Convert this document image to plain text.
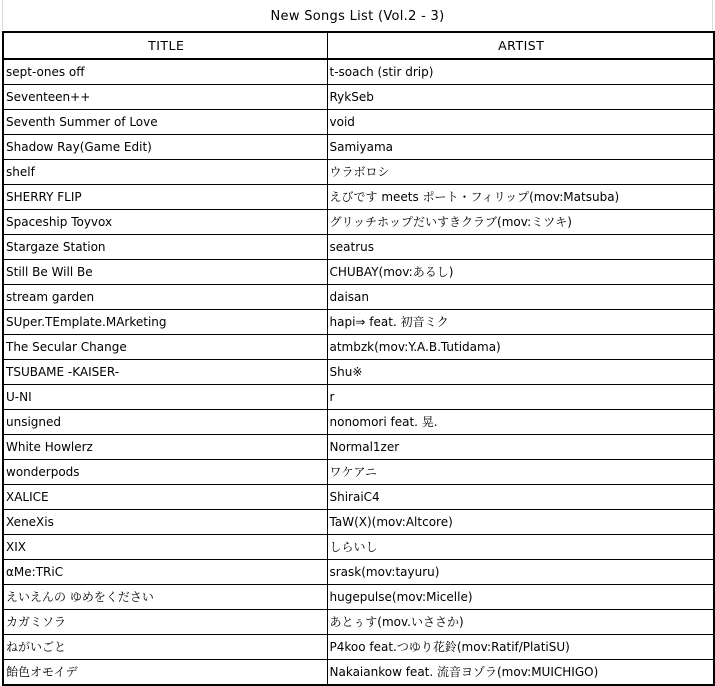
New Songs List (Vol.2 - 3)
TITLE	ARTIST
sept-ones off	t-soach (stir drip)
Seventeen++	RykSeb
Seventh Summer of Love	void
Shadow Ray(Game Edit)	Samiyama
shelf	ウラボロシ
SHERRY FLIP	えびです meets ポート・フィリップ(mov:Matsuba)
Spaceship Toyvox	グリッチホップだいすきクラブ(mov:ミツキ)
Stargaze Station	seatrus
Still Be Will Be	CHUBAY(mov:あるし)
stream garden	daisan
SUper.TEmplate.MArketing	hapi⇒ feat. 初音ミク
The Secular Change	atmbzk(mov:Y.A.B.Tutidama)
TSUBAME -KAISER-	Shu※
U-NI	r
unsigned	nonomori feat. 晃.
White Howlerz	Normal1zer
wonderpods	ワケアニ
XALICE	ShiraiC4
XeneXis	TaW(X)(mov:Altcore)
XIX	しらいし
αMe:TRiC	srask(mov:tayuru)
えいえんの ゆめをください	hugepulse(mov:Micelle)
カガミソラ	あとぅす(mov.いささか)
ねがいごと	P4koo feat.つゆり花鈴(mov:Ratif/PlatiSU)
飴色オモイデ	Nakaiankow feat. 流音ヨゾラ(mov:MUICHIGO)
